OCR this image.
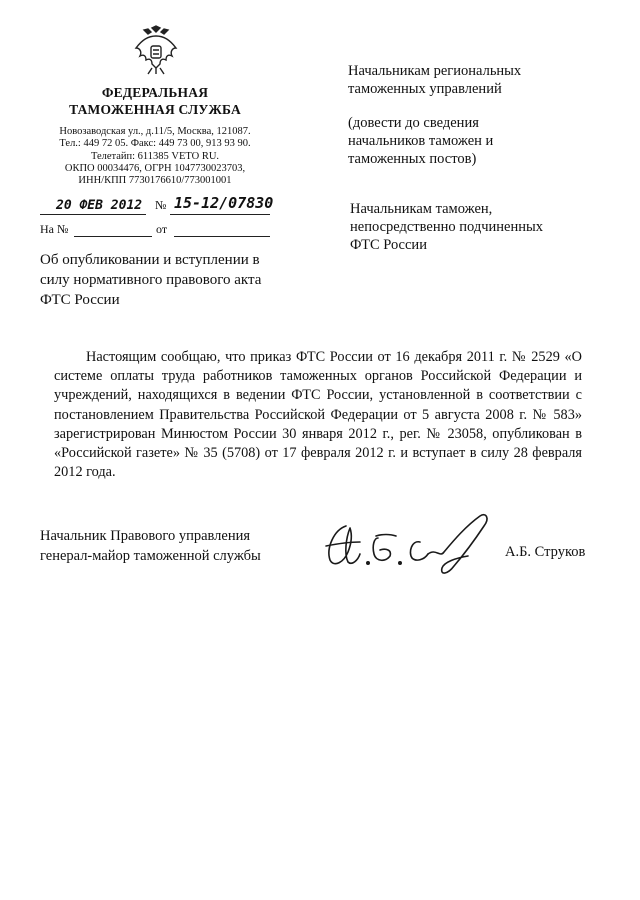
ФЕДЕРАЛЬНАЯ
ТАМОЖЕННАЯ СЛУЖБА
Новозаводская ул., д.11/5, Москва, 121087.
Тел.: 449 72 05. Факс: 449 73 00, 913 93 90.
Телетайп: 611385 VETO RU.
ОКПО 00034476, ОГРН 1047730023703,
ИНН/КПП 7730176610/773001001
20 ФЕВ 2012 № 15-12/07830
На №	от
Об опубликовании и вступлении в
силу нормативного правового акта
ФТС России
Начальникам региональных
таможенных управлений
(довести до сведения
начальников таможен и
таможенных постов)
Начальникам таможен,
непосредственно подчиненных
ФТС России

Настоящим сообщаю, что приказ ФТС России от 16 декабря 2011 г. № 2529 «О системе оплаты труда работников таможенных органов Российской Федерации и учреждений, находящихся в ведении ФТС России, установленной в соответствии с постановлением Правительства Российской Федерации от 5 августа 2008 г. № 583» зарегистрирован Минюстом России 30 января 2012 г., рег. № 23058, опубликован в «Российской газете» № 35 (5708) от 17 февраля 2012 г. и вступает в силу 28 февраля 2012 года.

Начальник Правового управления
генерал-майор таможенной службы	А.Б. Струков
